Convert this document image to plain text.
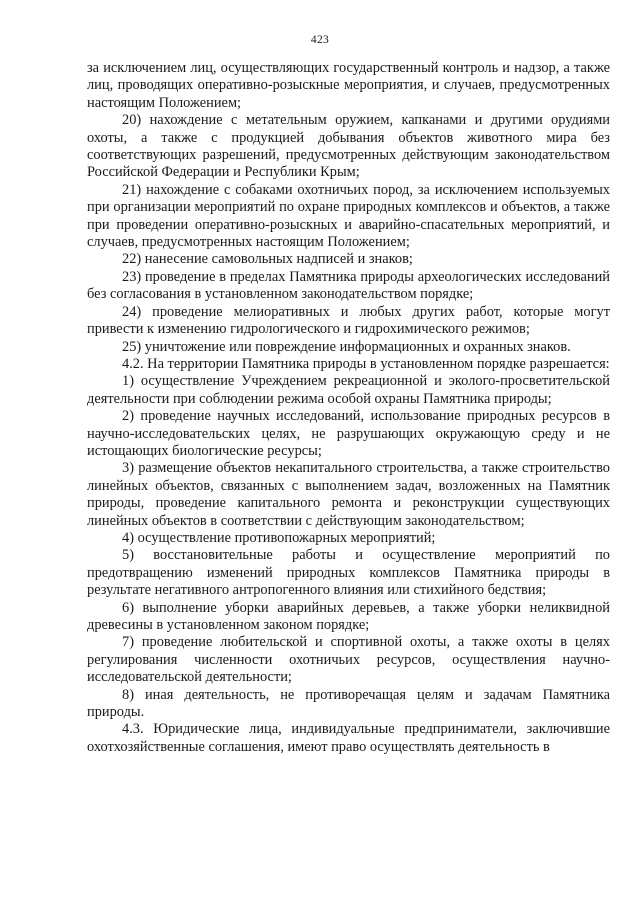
423

за исключением лиц, осуществляющих государственный контроль и надзор, а также лиц, проводящих оперативно-розыскные мероприятия, и случаев, предусмотренных настоящим Положением;

20) нахождение с метательным оружием, капканами и другими орудиями охоты, а также с продукцией добывания объектов животного мира без соответствующих разрешений, предусмотренных действующим законодательством Российской Федерации и Республики Крым;

21) нахождение с собаками охотничьих пород, за исключением используемых при организации мероприятий по охране природных комплексов и объектов, а также при проведении оперативно-розыскных и аварийно-спасательных мероприятий, и случаев, предусмотренных настоящим Положением;

22) нанесение самовольных надписей и знаков;

23) проведение в пределах Памятника природы археологических исследований без согласования в установленном законодательством порядке;

24) проведение мелиоративных и любых других работ, которые могут привести к изменению гидрологического и гидрохимического режимов;

25) уничтожение или повреждение информационных и охранных знаков.

4.2. На территории Памятника природы в установленном порядке разрешается:

1) осуществление Учреждением рекреационной и эколого-просветительской деятельности при соблюдении режима особой охраны Памятника природы;

2) проведение научных исследований, использование природных ресурсов в научно-исследовательских целях, не разрушающих окружающую среду и не истощающих биологические ресурсы;

3) размещение объектов некапитального строительства, а также строительство линейных объектов, связанных с выполнением задач, возложенных на Памятник природы, проведение капитального ремонта и реконструкции существующих линейных объектов в соответствии с действующим законодательством;

4) осуществление противопожарных мероприятий;

5) восстановительные работы и осуществление мероприятий по предотвращению изменений природных комплексов Памятника природы в результате негативного антропогенного влияния или стихийного бедствия;

6) выполнение уборки аварийных деревьев, а также уборки неликвидной древесины в установленном законом порядке;

7) проведение любительской и спортивной охоты, а также охоты в целях регулирования численности охотничьих ресурсов, осуществления научно-исследовательской деятельности;

8) иная деятельность, не противоречащая целям и задачам Памятника природы.

4.3. Юридические лица, индивидуальные предприниматели, заключившие охотхозяйственные соглашения, имеют право осуществлять деятельность в
